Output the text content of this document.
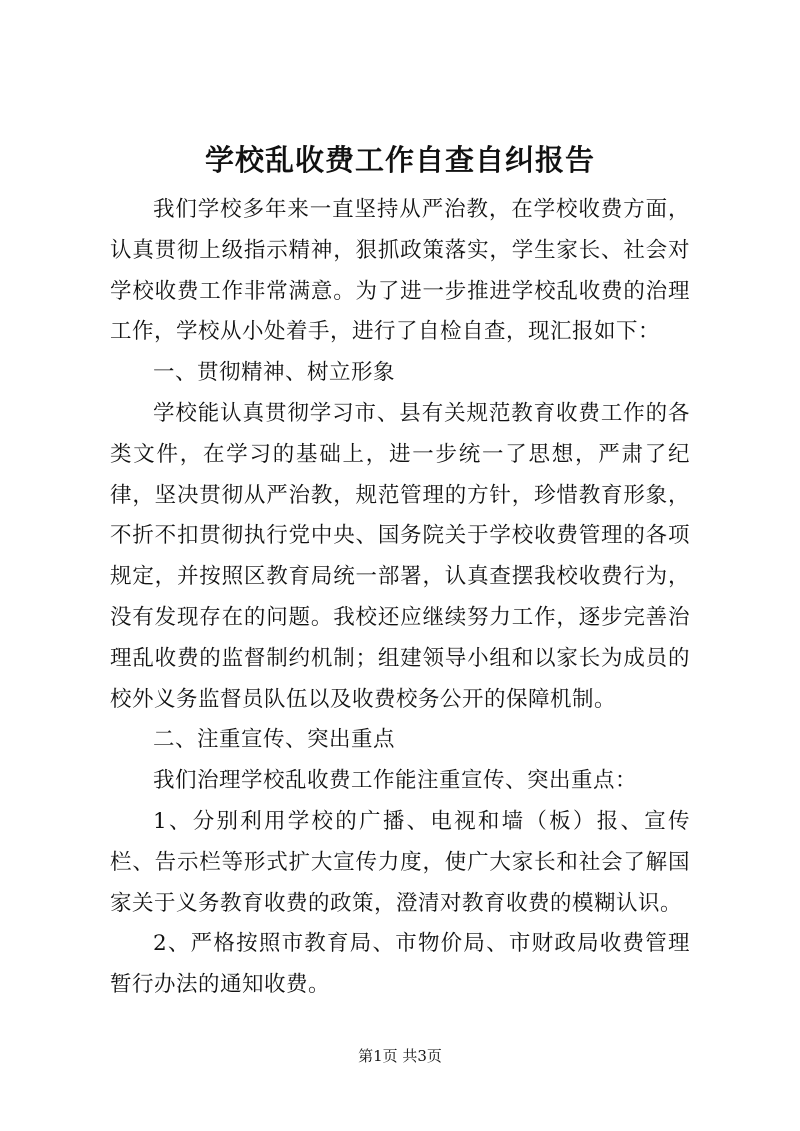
学校乱收费工作自查自纠报告

我们学校多年来一直坚持从严治教，在学校收费方面，认真贯彻上级指示精神，狠抓政策落实，学生家长、社会对学校收费工作非常满意。为了进一步推进学校乱收费的治理工作，学校从小处着手，进行了自检自查，现汇报如下：

一、贯彻精神、树立形象

学校能认真贯彻学习市、县有关规范教育收费工作的各类文件，在学习的基础上，进一步统一了思想，严肃了纪律，坚决贯彻从严治教，规范管理的方针，珍惜教育形象，不折不扣贯彻执行党中央、国务院关于学校收费管理的各项规定，并按照区教育局统一部署，认真查摆我校收费行为，没有发现存在的问题。我校还应继续努力工作，逐步完善治理乱收费的监督制约机制；组建领导小组和以家长为成员的校外义务监督员队伍以及收费校务公开的保障机制。

二、注重宣传、突出重点

我们治理学校乱收费工作能注重宣传、突出重点：

1、分别利用学校的广播、电视和墙（板）报、宣传栏、告示栏等形式扩大宣传力度，使广大家长和社会了解国家关于义务教育收费的政策，澄清对教育收费的模糊认识。

2、严格按照市教育局、市物价局、市财政局收费管理暂行办法的通知收费。

第1页 共3页
